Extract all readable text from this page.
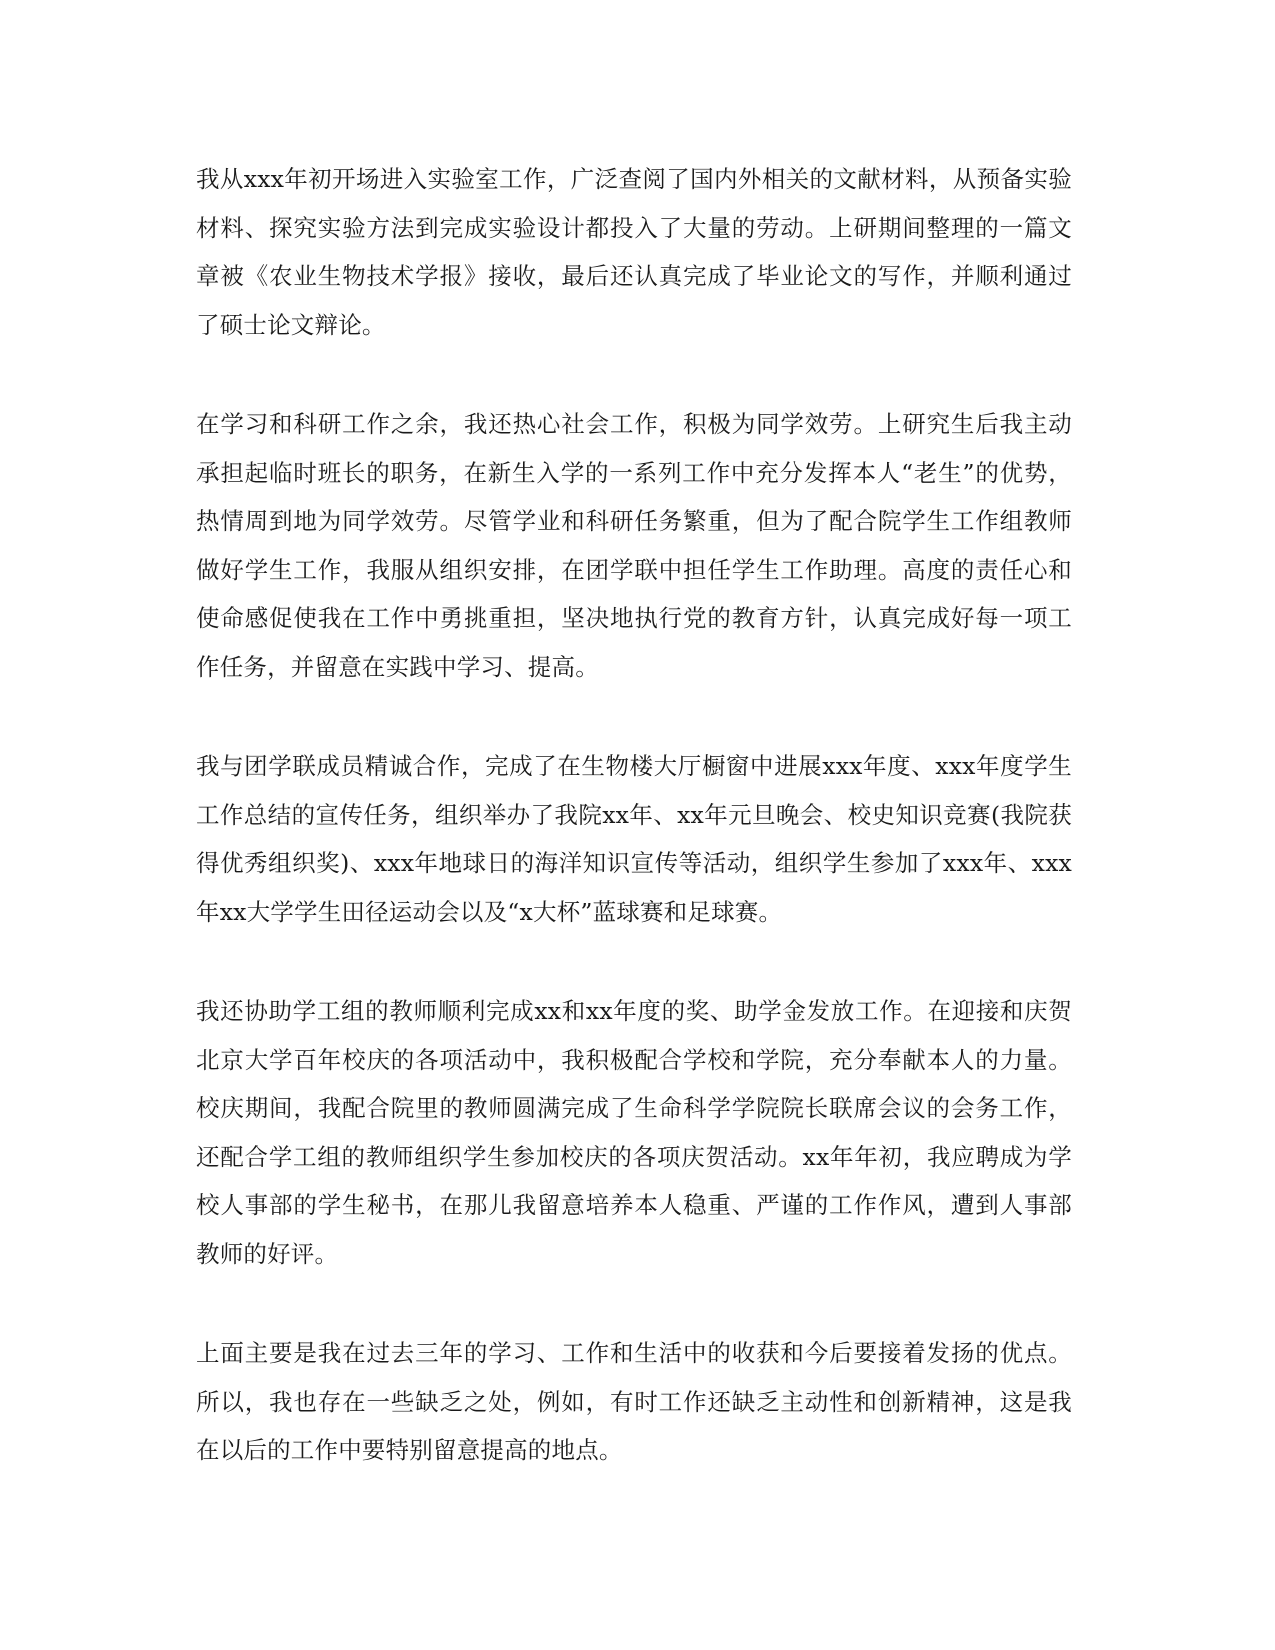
我从xxx年初开场进入实验室工作，广泛查阅了国内外相关的文献材料，从预备实验材料、探究实验方法到完成实验设计都投入了大量的劳动。上研期间整理的一篇文章被《农业生物技术学报》接收，最后还认真完成了毕业论文的写作，并顺利通过了硕士论文辩论。

在学习和科研工作之余，我还热心社会工作，积极为同学效劳。上研究生后我主动承担起临时班长的职务，在新生入学的一系列工作中充分发挥本人“老生”的优势，热情周到地为同学效劳。尽管学业和科研任务繁重，但为了配合院学生工作组教师做好学生工作，我服从组织安排，在团学联中担任学生工作助理。高度的责任心和使命感促使我在工作中勇挑重担，坚决地执行党的教育方针，认真完成好每一项工作任务，并留意在实践中学习、提高。

我与团学联成员精诚合作，完成了在生物楼大厅橱窗中进展xxx年度、xxx年度学生工作总结的宣传任务，组织举办了我院xx年、xx年元旦晚会、校史知识竞赛(我院获得优秀组织奖)、xxx年地球日的海洋知识宣传等活动，组织学生参加了xxx年、xxx年xx大学学生田径运动会以及“x大杯”蓝球赛和足球赛。

我还协助学工组的教师顺利完成xx和xx年度的奖、助学金发放工作。在迎接和庆贺北京大学百年校庆的各项活动中，我积极配合学校和学院，充分奉献本人的力量。校庆期间，我配合院里的教师圆满完成了生命科学学院院长联席会议的会务工作，还配合学工组的教师组织学生参加校庆的各项庆贺活动。xx年年初，我应聘成为学校人事部的学生秘书，在那儿我留意培养本人稳重、严谨的工作作风，遭到人事部教师的好评。

上面主要是我在过去三年的学习、工作和生活中的收获和今后要接着发扬的优点。所以，我也存在一些缺乏之处，例如，有时工作还缺乏主动性和创新精神，这是我在以后的工作中要特别留意提高的地点。
